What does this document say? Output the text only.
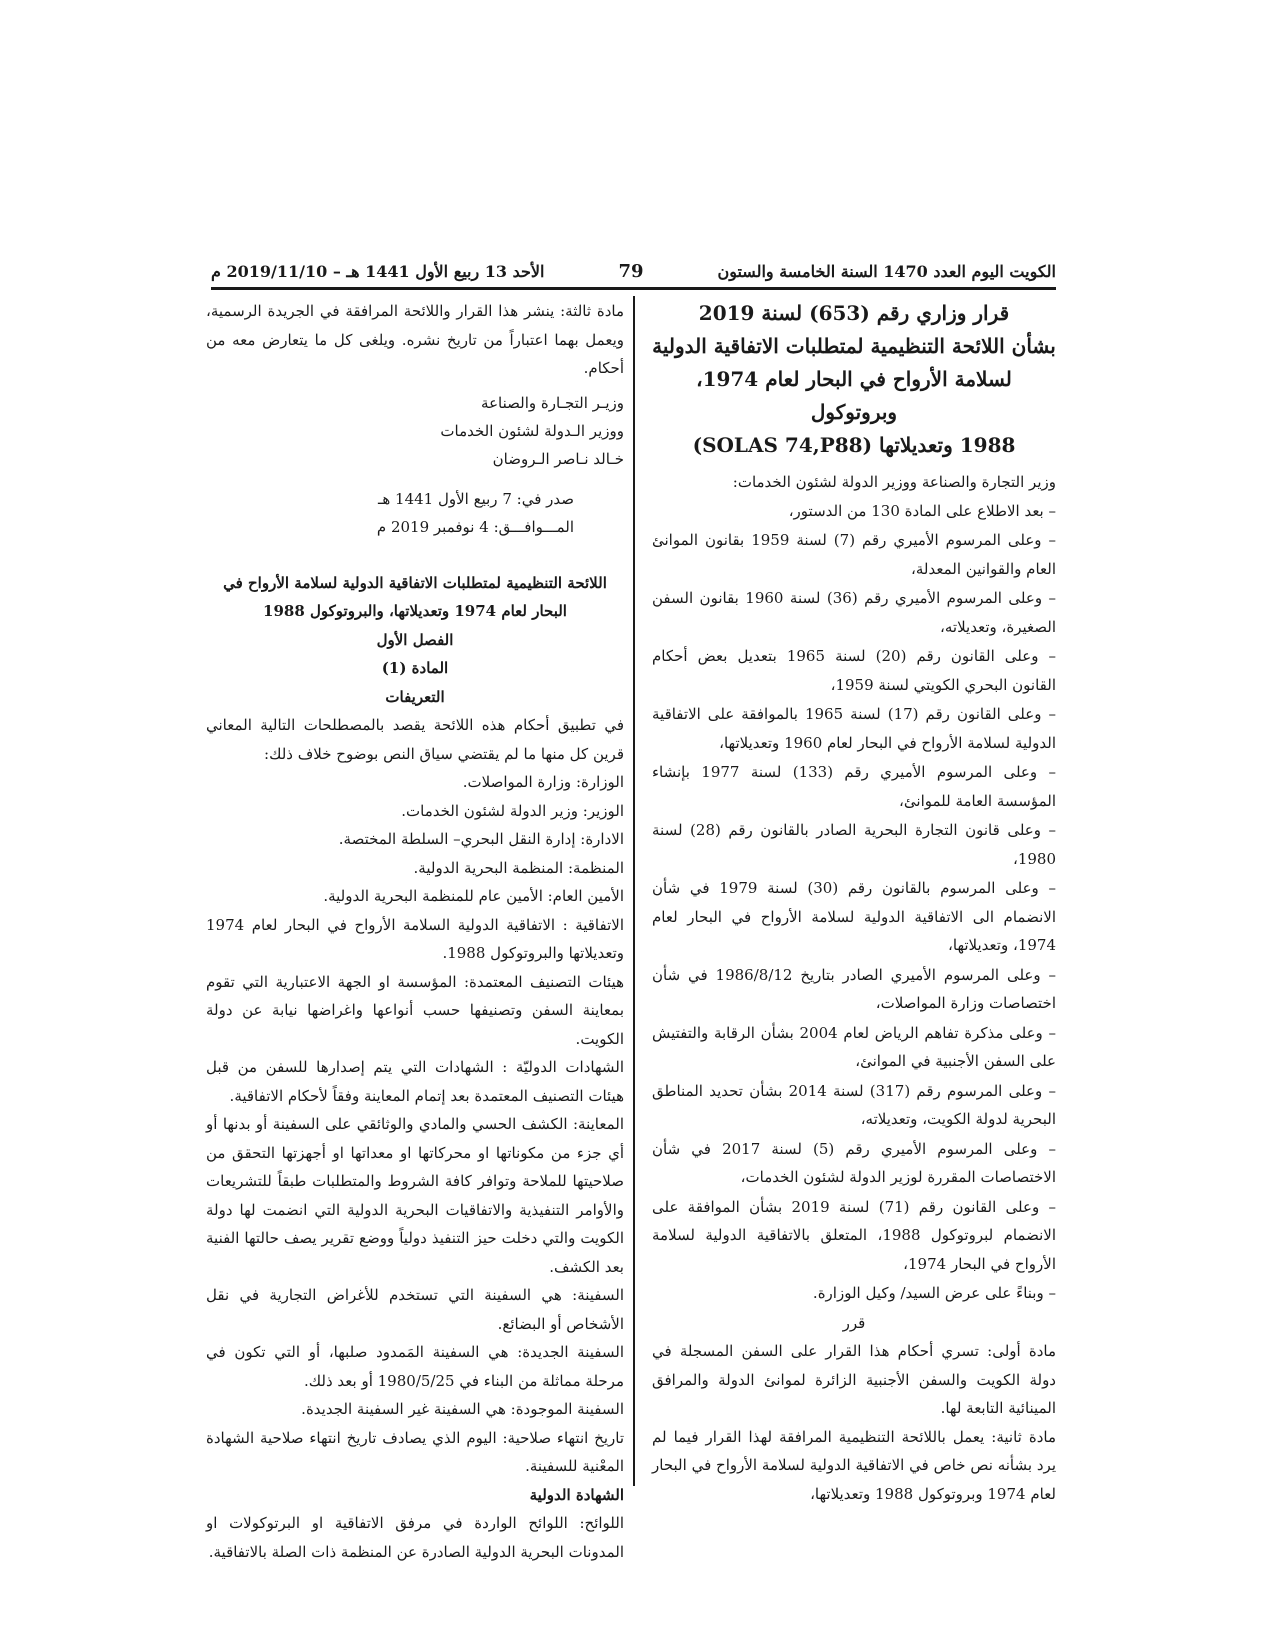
الكويت اليوم العدد 1470 السنة الخامسة والستون
79
الأحد 13 ربيع الأول 1441 هـ – 2019/11/10 م

قرار وزاري رقم (653) لسنة 2019
بشأن اللائحة التنظيمية لمتطلبات الاتفاقية الدولية
لسلامة الأرواح في البحار لعام 1974، وبروتوكول
1988 وتعديلاتها (SOLAS 74,P88)

وزير التجارة والصناعة ووزير الدولة لشئون الخدمات:

– بعد الاطلاع على المادة 130 من الدستور،

– وعلى المرسوم الأميري رقم (7) لسنة 1959 بقانون الموانئ العام والقوانين المعدلة،

– وعلى المرسوم الأميري رقم (36) لسنة 1960 بقانون السفن الصغيرة، وتعديلاته،

– وعلى القانون رقم (20) لسنة 1965 بتعديل بعض أحكام القانون البحري الكويتي لسنة 1959،

– وعلى القانون رقم (17) لسنة 1965 بالموافقة على الاتفاقية الدولية لسلامة الأرواح في البحار لعام 1960 وتعديلاتها،

– وعلى المرسوم الأميري رقم (133) لسنة 1977 بإنشاء المؤسسة العامة للموانئ،

– وعلى قانون التجارة البحرية الصادر بالقانون رقم (28) لسنة 1980،

– وعلى المرسوم بالقانون رقم (30) لسنة 1979 في شأن الانضمام الى الاتفاقية الدولية لسلامة الأرواح في البحار لعام 1974، وتعديلاتها،

– وعلى المرسوم الأميري الصادر بتاريخ 1986/8/12 في شأن اختصاصات وزارة المواصلات،

– وعلى مذكرة تفاهم الرياض لعام 2004 بشأن الرقابة والتفتيش على السفن الأجنبية في الموانئ،

– وعلى المرسوم رقم (317) لسنة 2014 بشأن تحديد المناطق البحرية لدولة الكويت، وتعديلاته،

– وعلى المرسوم الأميري رقم (5) لسنة 2017 في شأن الاختصاصات المقررة لوزير الدولة لشئون الخدمات،

– وعلى القانون رقم (71) لسنة 2019 بشأن الموافقة على الانضمام لبروتوكول 1988، المتعلق بالاتفاقية الدولية لسلامة الأرواح في البحار 1974،

– وبناءً على عرض السيد/ وكيل الوزارة.

قرر

مادة أولى: تسري أحكام هذا القرار على السفن المسجلة في دولة الكويت والسفن الأجنبية الزائرة لموانئ الدولة والمرافق المينائية التابعة لها.

مادة ثانية: يعمل باللائحة التنظيمية المرافقة لهذا القرار فيما لم يرد بشأنه نص خاص في الاتفاقية الدولية لسلامة الأرواح في البحار لعام 1974 وبروتوكول 1988 وتعديلاتها،

مادة ثالثة: ينشر هذا القرار واللائحة المرافقة في الجريدة الرسمية، ويعمل بهما اعتباراً من تاريخ نشره. ويلغى كل ما يتعارض معه من أحكام.

وزيـر التجـارة والصناعة

ووزير الـدولة لشئون الخدمات

خـالد نـاصر الـروضان

صدر في: 7 ربيع الأول 1441 هـ

المـــوافـــق: 4 نوفمبر 2019 م

اللائحة التنظيمية لمتطلبات الاتفاقية الدولية لسلامة الأرواح في
البحار لعام 1974 وتعديلاتها، والبروتوكول 1988
الفصل الأول
المادة (1)
التعريفات

في تطبيق أحكام هذه اللائحة يقصد بالمصطلحات التالية المعاني قرين كل منها ما لم يقتضي سياق النص بوضوح خلاف ذلك:

الوزارة: وزارة المواصلات.

الوزير: وزير الدولة لشئون الخدمات.

الادارة: إدارة النقل البحري– السلطة المختصة.

المنظمة: المنظمة البحرية الدولية.

الأمين العام: الأمين عام للمنظمة البحرية الدولية.

الاتفاقية : الاتفاقية الدولية السلامة الأرواح في البحار لعام 1974 وتعديلاتها والبروتوكول 1988.

هيئات التصنيف المعتمدة: المؤسسة او الجهة الاعتبارية التي تقوم بمعاينة السفن وتصنيفها حسب أنواعها واغراضها نيابة عن دولة الكويت.

الشهادات الدوليّة : الشهادات التي يتم إصدارها للسفن من قبل هيئات التصنيف المعتمدة بعد إتمام المعاينة وفقاً لأحكام الاتفاقية.

المعاينة: الكشف الحسي والمادي والوثائقي على السفينة أو بدنها أو أي جزء من مكوناتها او محركاتها او معداتها او أجهزتها التحقق من صلاحيتها للملاحة وتوافر كافة الشروط والمتطلبات طبقاً للتشريعات والأوامر التنفيذية والاتفاقيات البحرية الدولية التي انضمت لها دولة الكويت والتي دخلت حيز التنفيذ دولياً ووضع تقرير يصف حالتها الفنية بعد الكشف.

السفينة: هي السفينة التي تستخدم للأغراض التجارية في نقل الأشخاص أو البضائع.

السفينة الجديدة: هي السفينة المَمدود صلبها، أو التي تكون في مرحلة مماثلة من البناء في 1980/5/25 أو بعد ذلك.

السفينة الموجودة: هي السفينة غير السفينة الجديدة.

تاريخ انتهاء صلاحية: اليوم الذي يصادف تاريخ انتهاء صلاحية الشهادة المعْنية للسفينة.

الشهادة الدولية

اللوائح: اللوائح الواردة في مرفق الاتفاقية او البرتوكولات او المدونات البحرية الدولية الصادرة عن المنظمة ذات الصلة بالاتفاقية.
